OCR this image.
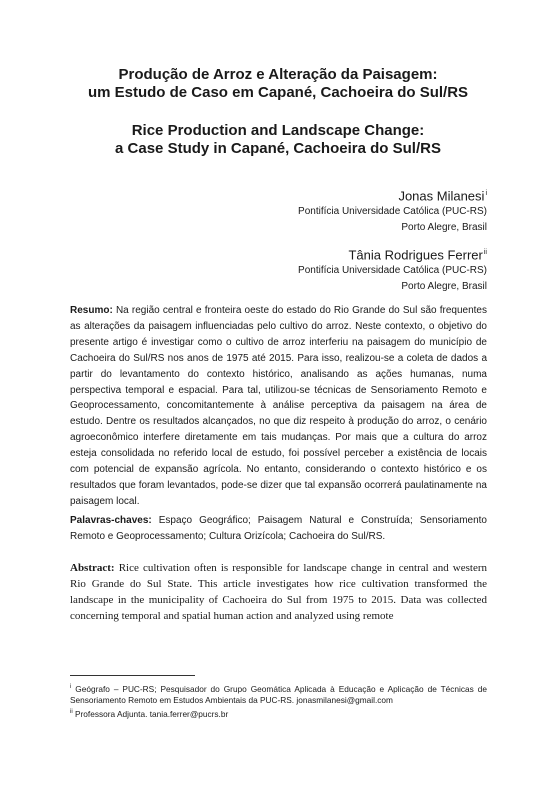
Produção de Arroz e Alteração da Paisagem:
um Estudo de Caso em Capané, Cachoeira do Sul/RS
Rice Production and Landscape Change:
a Case Study in Capané, Cachoeira do Sul/RS
Jonas Milanesi$^i$
Pontifícia Universidade Católica (PUC-RS)
Porto Alegre, Brasil
Tânia Rodrigues Ferrer$^{ii}$
Pontifícia Universidade Católica (PUC-RS)
Porto Alegre, Brasil

Resumo: Na região central e fronteira oeste do estado do Rio Grande do Sul são frequentes as alterações da paisagem influenciadas pelo cultivo do arroz. Neste contexto, o objetivo do presente artigo é investigar como o cultivo de arroz interferiu na paisagem do município de Cachoeira do Sul/RS nos anos de 1975 até 2015. Para isso, realizou-se a coleta de dados a partir do levantamento do contexto histórico, analisando as ações humanas, numa perspectiva temporal e espacial. Para tal, utilizou-se técnicas de Sensoriamento Remoto e Geoprocessamento, concomitantemente à análise perceptiva da paisagem na área de estudo. Dentre os resultados alcançados, no que diz respeito à produção do arroz, o cenário agroeconômico interfere diretamente em tais mudanças. Por mais que a cultura do arroz esteja consolidada no referido local de estudo, foi possível perceber a existência de locais com potencial de expansão agrícola. No entanto, considerando o contexto histórico e os resultados que foram levantados, pode-se dizer que tal expansão ocorrerá paulatinamente na paisagem local.

Palavras-chaves: Espaço Geográfico; Paisagem Natural e Construída; Sensoriamento Remoto e Geoprocessamento; Cultura Orizícola; Cachoeira do Sul/RS.

Abstract: Rice cultivation often is responsible for landscape change in central and western Rio Grande do Sul State. This article investigates how rice cultivation transformed the landscape in the municipality of Cachoeira do Sul from 1975 to 2015. Data was collected concerning temporal and spatial human action and analyzed using remote

$^i$ Geógrafo – PUC-RS; Pesquisador do Grupo Geomática Aplicada à Educação e Aplicação de Técnicas de Sensoriamento Remoto em Estudos Ambientais da PUC-RS. jonasmilanesi@gmail.com

$^{ii}$ Professora Adjunta. tania.ferrer@pucrs.br
